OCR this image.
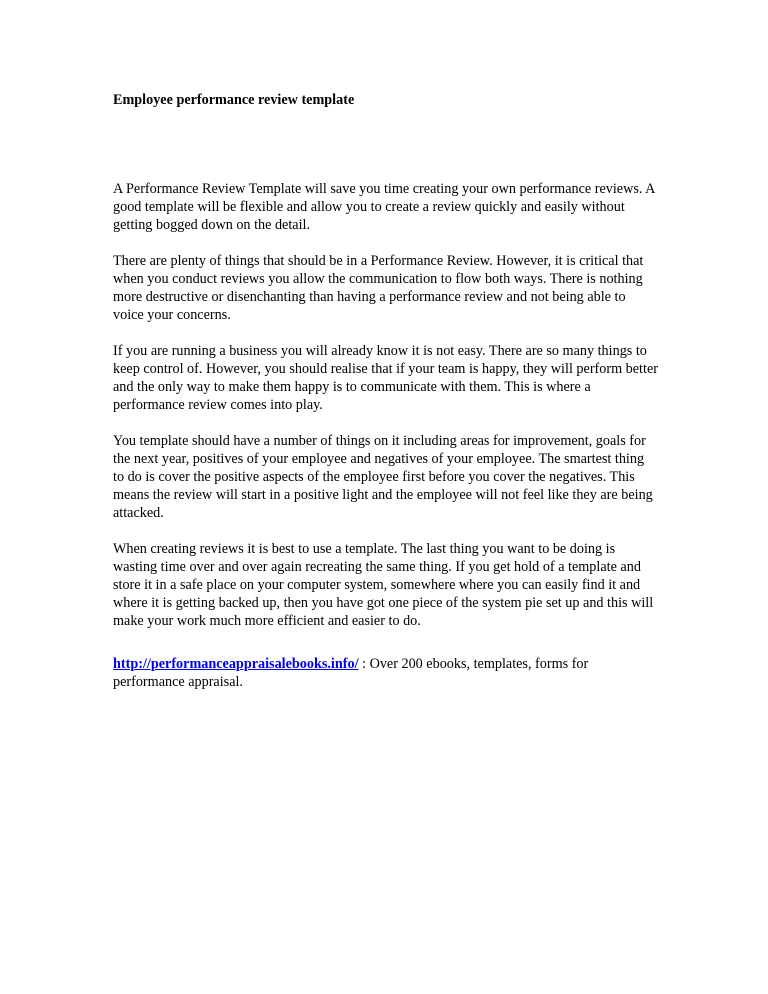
Employee performance review template

A Performance Review Template will save you time creating your own performance reviews. A good template will be flexible and allow you to create a review quickly and easily without getting bogged down on the detail.

There are plenty of things that should be in a Performance Review. However, it is critical that when you conduct reviews you allow the communication to flow both ways. There is nothing more destructive or disenchanting than having a performance review and not being able to voice your concerns.

If you are running a business you will already know it is not easy. There are so many things to keep control of. However, you should realise that if your team is happy, they will perform better and the only way to make them happy is to communicate with them. This is where a performance review comes into play.

You template should have a number of things on it including areas for improvement, goals for the next year, positives of your employee and negatives of your employee. The smartest thing to do is cover the positive aspects of the employee first before you cover the negatives. This means the review will start in a positive light and the employee will not feel like they are being attacked.

When creating reviews it is best to use a template. The last thing you want to be doing is wasting time over and over again recreating the same thing. If you get hold of a template and store it in a safe place on your computer system, somewhere where you can easily find it and where it is getting backed up, then you have got one piece of the system pie set up and this will make your work much more efficient and easier to do.

http://performanceappraisalebooks.info/ : Over 200 ebooks, templates, forms for performance appraisal.
